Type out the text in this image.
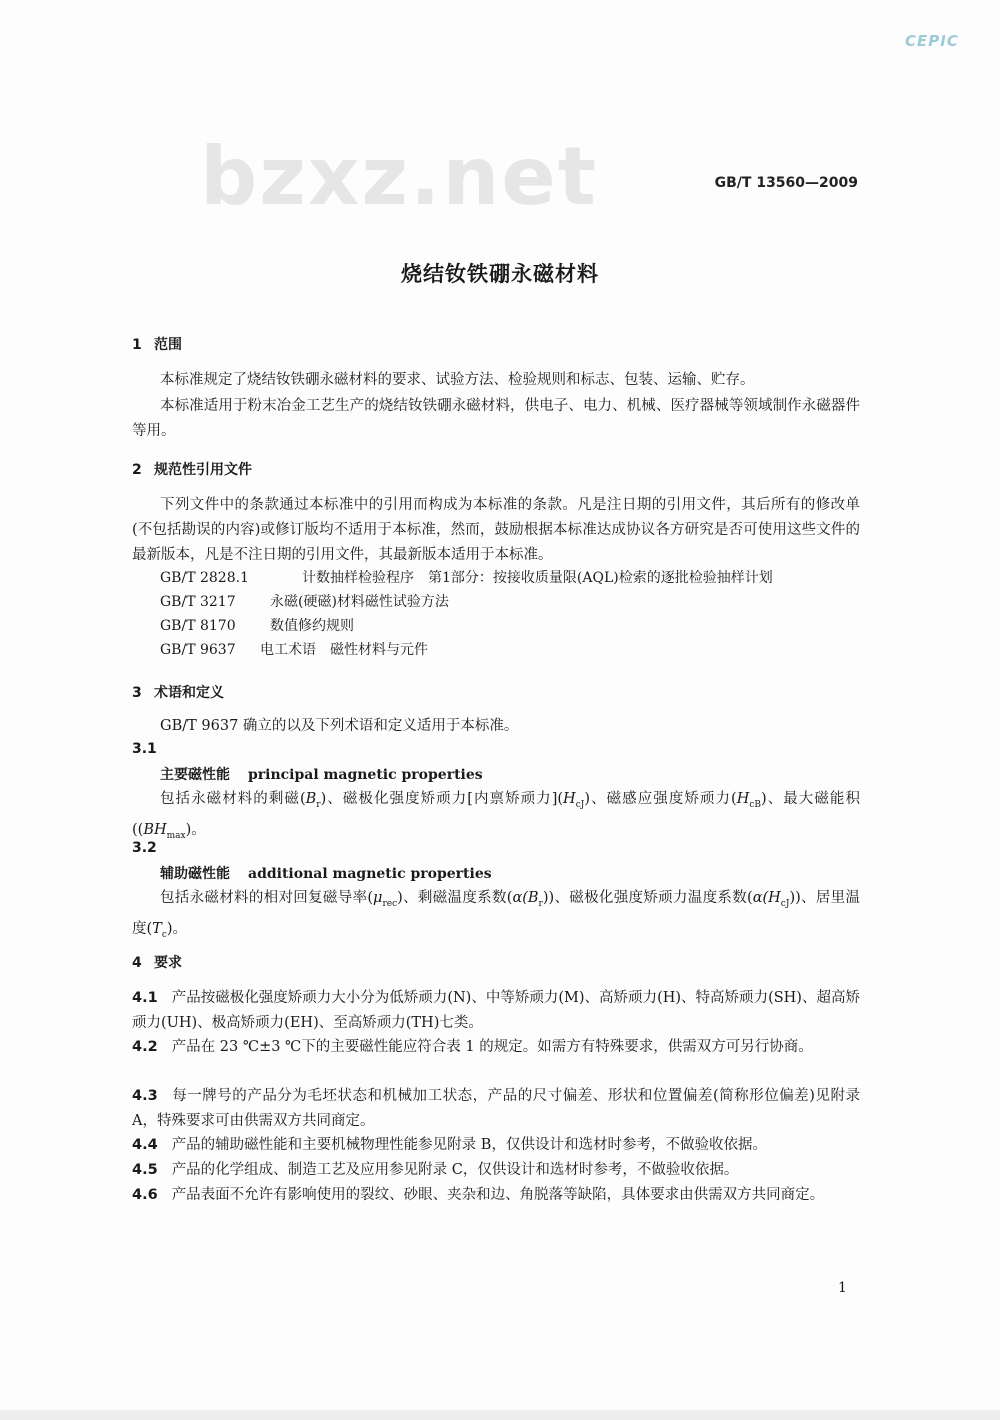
CEPIC
bzxz.net	GB/T 13560—2009
烧结钕铁硼永磁材料
1 范围
本标准规定了烧结钕铁硼永磁材料的要求、试验方法、检验规则和标志、包装、运输、贮存。
本标准适用于粉末冶金工艺生产的烧结钕铁硼永磁材料，供电子、电力、机械、医疗器械等领域制作永磁器件等用。
2 规范性引用文件
下列文件中的条款通过本标准中的引用而构成为本标准的条款。凡是注日期的引用文件，其后所有的修改单(不包括勘误的内容)或修订版均不适用于本标准，然而，鼓励根据本标准达成协议各方研究是否可使用这些文件的最新版本，凡是不注日期的引用文件，其最新版本适用于本标准。
GB/T 2828.1	计数抽样检验程序　第1部分：按接收质量限(AQL)检索的逐批检验抽样计划
GB/T 3217 永磁(硬磁)材料磁性试验方法
GB/T 8170 数值修约规则
GB/T 9637 电工术语　磁性材料与元件
3 术语和定义
GB/T 9637 确立的以及下列术语和定义适用于本标准。
3.1
主要磁性能 principal magnetic properties
包括永磁材料的剩磁$(B_r)$、磁极化强度矫顽力[内禀矫顽力]$(H_{cJ})$、磁感应强度矫顽力$(H_{cB})$、最大磁能积($(BH_{max})$。
3.2
辅助磁性能 additional magnetic properties
包括永磁材料的相对回复磁导率$(\mu_{rec})$、剩磁温度系数$(\alpha(B_r))$、磁极化强度矫顽力温度系数$(\alpha(H_{cJ}))$、居里温度$(T_c)$。
4 要求
4.1 产品按磁极化强度矫顽力大小分为低矫顽力(N)、中等矫顽力(M)、高矫顽力(H)、特高矫顽力(SH)、超高矫顽力(UH)、极高矫顽力(EH)、至高矫顽力(TH)七类。
4.2 产品在 23 ℃±3 ℃下的主要磁性能应符合表 1 的规定。如需方有特殊要求，供需双方可另行协商。
4.3 每一牌号的产品分为毛坯状态和机械加工状态，产品的尺寸偏差、形状和位置偏差(简称形位偏差)见附录 A，特殊要求可由供需双方共同商定。
4.4 产品的辅助磁性能和主要机械物理性能参见附录 B，仅供设计和选材时参考，不做验收依据。
4.5 产品的化学组成、制造工艺及应用参见附录 C，仅供设计和选材时参考，不做验收依据。
4.6 产品表面不允许有影响使用的裂纹、砂眼、夹杂和边、角脱落等缺陷，具体要求由供需双方共同商定。
1
